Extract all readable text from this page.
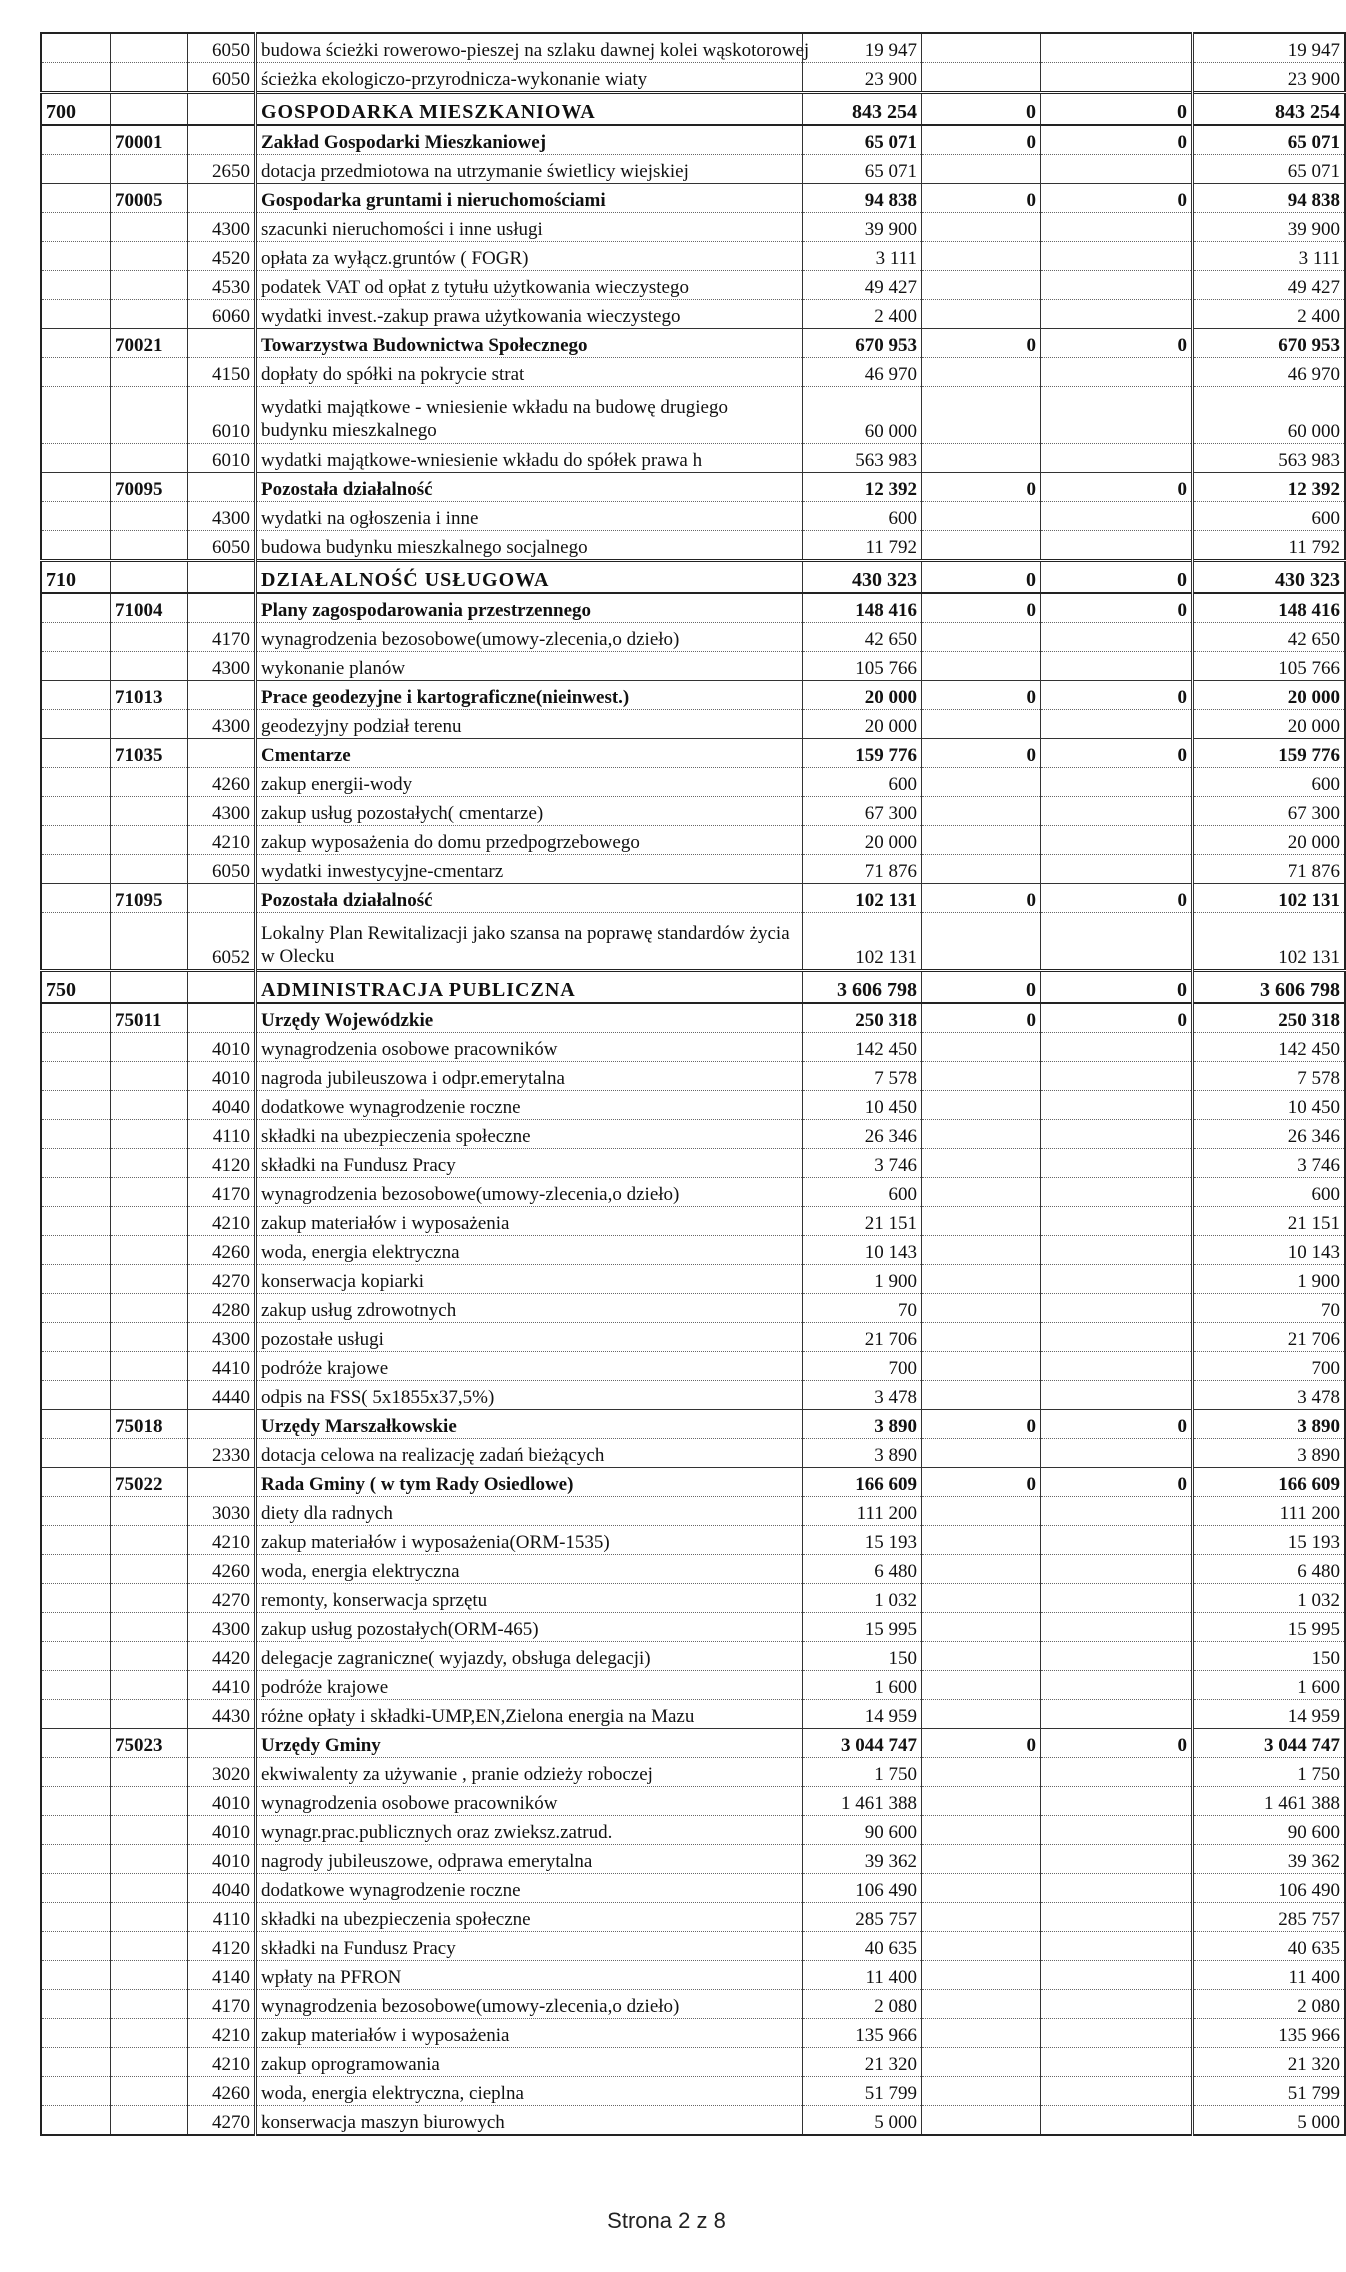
		6050	budowa ścieżki rowerowo-pieszej na szlaku dawnej kolei wąskotorowej	19 947			19 947
		6050	ścieżka ekologiczo-przyrodnicza-wykonanie wiaty	23 900			23 900
700			GOSPODARKA MIESZKANIOWA	843 254	0	0	843 254
	70001		Zakład Gospodarki Mieszkaniowej	65 071	0	0	65 071
		2650	dotacja przedmiotowa na utrzymanie świetlicy wiejskiej	65 071			65 071
	70005		Gospodarka gruntami i nieruchomościami	94 838	0	0	94 838
		4300	szacunki nieruchomości i inne usługi	39 900			39 900
		4520	opłata za wyłącz.gruntów ( FOGR)	3 111			3 111
		4530	podatek VAT od opłat z tytułu użytkowania wieczystego	49 427			49 427
		6060	wydatki invest.-zakup prawa użytkowania wieczystego	2 400			2 400
	70021		Towarzystwa Budownictwa Społecznego	670 953	0	0	670 953
		4150	dopłaty do spółki na pokrycie strat	46 970			46 970
		6010	wydatki majątkowe - wniesienie wkładu na budowę drugiego budynku mieszkalnego	60 000			60 000
		6010	wydatki majątkowe-wniesienie wkładu do spółek prawa h	563 983			563 983
	70095		Pozostała działalność	12 392	0	0	12 392
		4300	wydatki na ogłoszenia i inne	600			600
		6050	budowa budynku mieszkalnego socjalnego	11 792			11 792
710			DZIAŁALNOŚĆ USŁUGOWA	430 323	0	0	430 323
	71004		Plany zagospodarowania przestrzennego	148 416	0	0	148 416
		4170	wynagrodzenia bezosobowe(umowy-zlecenia,o dzieło)	42 650			42 650
		4300	wykonanie planów	105 766			105 766
	71013		Prace geodezyjne i kartograficzne(nieinwest.)	20 000	0	0	20 000
		4300	geodezyjny podział terenu	20 000			20 000
	71035		Cmentarze	159 776	0	0	159 776
		4260	zakup energii-wody	600			600
		4300	zakup usług pozostałych( cmentarze)	67 300			67 300
		4210	zakup wyposażenia do domu przedpogrzebowego	20 000			20 000
		6050	wydatki inwestycyjne-cmentarz	71 876			71 876
	71095		Pozostała działalność	102 131	0	0	102 131
		6052	Lokalny Plan Rewitalizacji jako szansa na poprawę standardów życia w Olecku	102 131			102 131
750			ADMINISTRACJA PUBLICZNA	3 606 798	0	0	3 606 798
	75011		Urzędy Wojewódzkie	250 318	0	0	250 318
		4010	wynagrodzenia osobowe pracowników	142 450			142 450
		4010	nagroda jubileuszowa i odpr.emerytalna	7 578			7 578
		4040	dodatkowe wynagrodzenie roczne	10 450			10 450
		4110	składki na ubezpieczenia społeczne	26 346			26 346
		4120	składki na Fundusz Pracy	3 746			3 746
		4170	wynagrodzenia bezosobowe(umowy-zlecenia,o dzieło)	600			600
		4210	zakup materiałów i wyposażenia	21 151			21 151
		4260	woda, energia elektryczna	10 143			10 143
		4270	konserwacja kopiarki	1 900			1 900
		4280	zakup usług zdrowotnych	70			70
		4300	pozostałe usługi	21 706			21 706
		4410	podróże krajowe	700			700
		4440	odpis na FSS( 5x1855x37,5%)	3 478			3 478
	75018		Urzędy Marszałkowskie	3 890	0	0	3 890
		2330	dotacja celowa na realizację zadań bieżących	3 890			3 890
	75022		Rada Gminy ( w tym Rady Osiedlowe)	166 609	0	0	166 609
		3030	diety dla radnych	111 200			111 200
		4210	zakup materiałów i wyposażenia(ORM-1535)	15 193			15 193
		4260	woda, energia elektryczna	6 480			6 480
		4270	remonty, konserwacja sprzętu	1 032			1 032
		4300	zakup usług pozostałych(ORM-465)	15 995			15 995
		4420	delegacje zagraniczne( wyjazdy, obsługa delegacji)	150			150
		4410	podróże krajowe	1 600			1 600
		4430	różne opłaty i składki-UMP,EN,Zielona energia na Mazu	14 959			14 959
	75023		Urzędy Gminy	3 044 747	0	0	3 044 747
		3020	ekwiwalenty za używanie , pranie odzieży roboczej	1 750			1 750
		4010	wynagrodzenia osobowe pracowników	1 461 388			1 461 388
		4010	wynagr.prac.publicznych oraz zwieksz.zatrud.	90 600			90 600
		4010	nagrody jubileuszowe, odprawa emerytalna	39 362			39 362
		4040	dodatkowe wynagrodzenie roczne	106 490			106 490
		4110	składki na ubezpieczenia społeczne	285 757			285 757
		4120	składki na Fundusz Pracy	40 635			40 635
		4140	wpłaty na PFRON	11 400			11 400
		4170	wynagrodzenia bezosobowe(umowy-zlecenia,o dzieło)	2 080			2 080
		4210	zakup materiałów i wyposażenia	135 966			135 966
		4210	zakup oprogramowania	21 320			21 320
		4260	woda, energia elektryczna, cieplna	51 799			51 799
		4270	konserwacja maszyn biurowych	5 000			5 000
Strona 2 z 8
